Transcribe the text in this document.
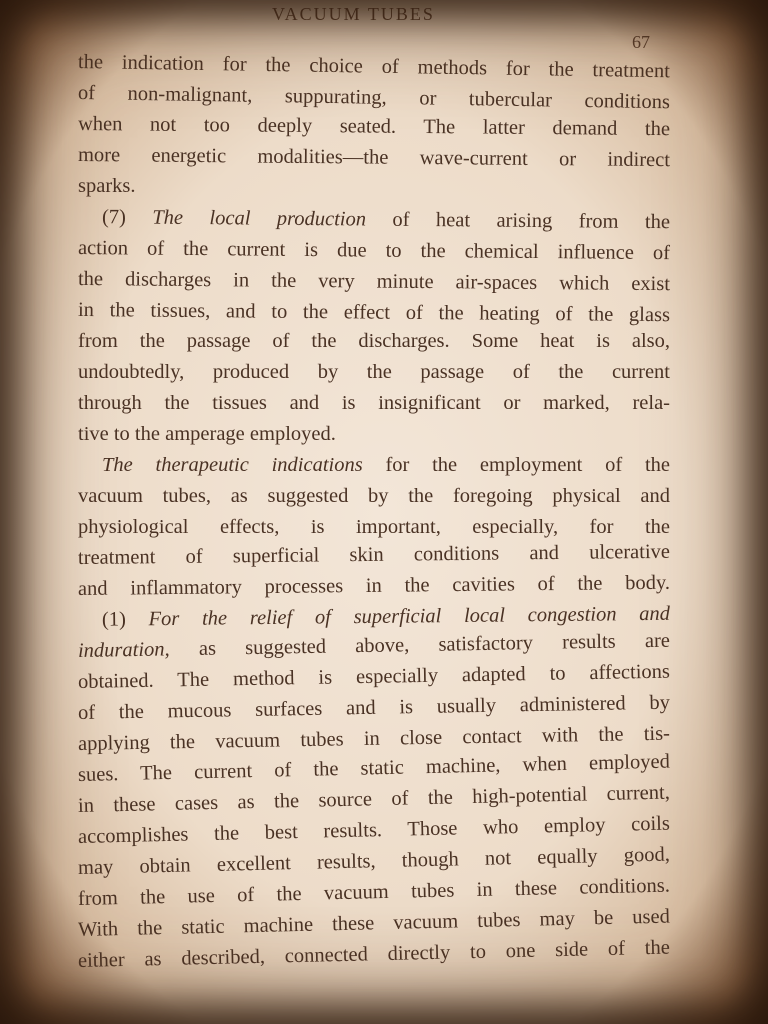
VACUUM TUBES
67
the indication for the choice of methods for the treatment
of non-malignant, suppurating, or tubercular conditions
when not too deeply seated. The latter demand the
more energetic modalities—the wave-current or indirect
sparks.
(7) The local production of heat arising from the
action of the current is due to the chemical influence of
the discharges in the very minute air-spaces which exist
in the tissues, and to the effect of the heating of the glass
from the passage of the discharges. Some heat is also,
undoubtedly, produced by the passage of the current
through the tissues and is insignificant or marked, rela-
tive to the amperage employed.
The therapeutic indications for the employment of the
vacuum tubes, as suggested by the foregoing physical and
physiological effects, is important, especially, for the
treatment of superficial skin conditions and ulcerative
and inflammatory processes in the cavities of the body.
(1) For the relief of superficial local congestion and
induration, as suggested above, satisfactory results are
obtained. The method is especially adapted to affections
of the mucous surfaces and is usually administered by
applying the vacuum tubes in close contact with the tis-
sues. The current of the static machine, when employed
in these cases as the source of the high-potential current,
accomplishes the best results. Those who employ coils
may obtain excellent results, though not equally good,
from the use of the vacuum tubes in these conditions.
With the static machine these vacuum tubes may be used
either as described, connected directly to one side of the
